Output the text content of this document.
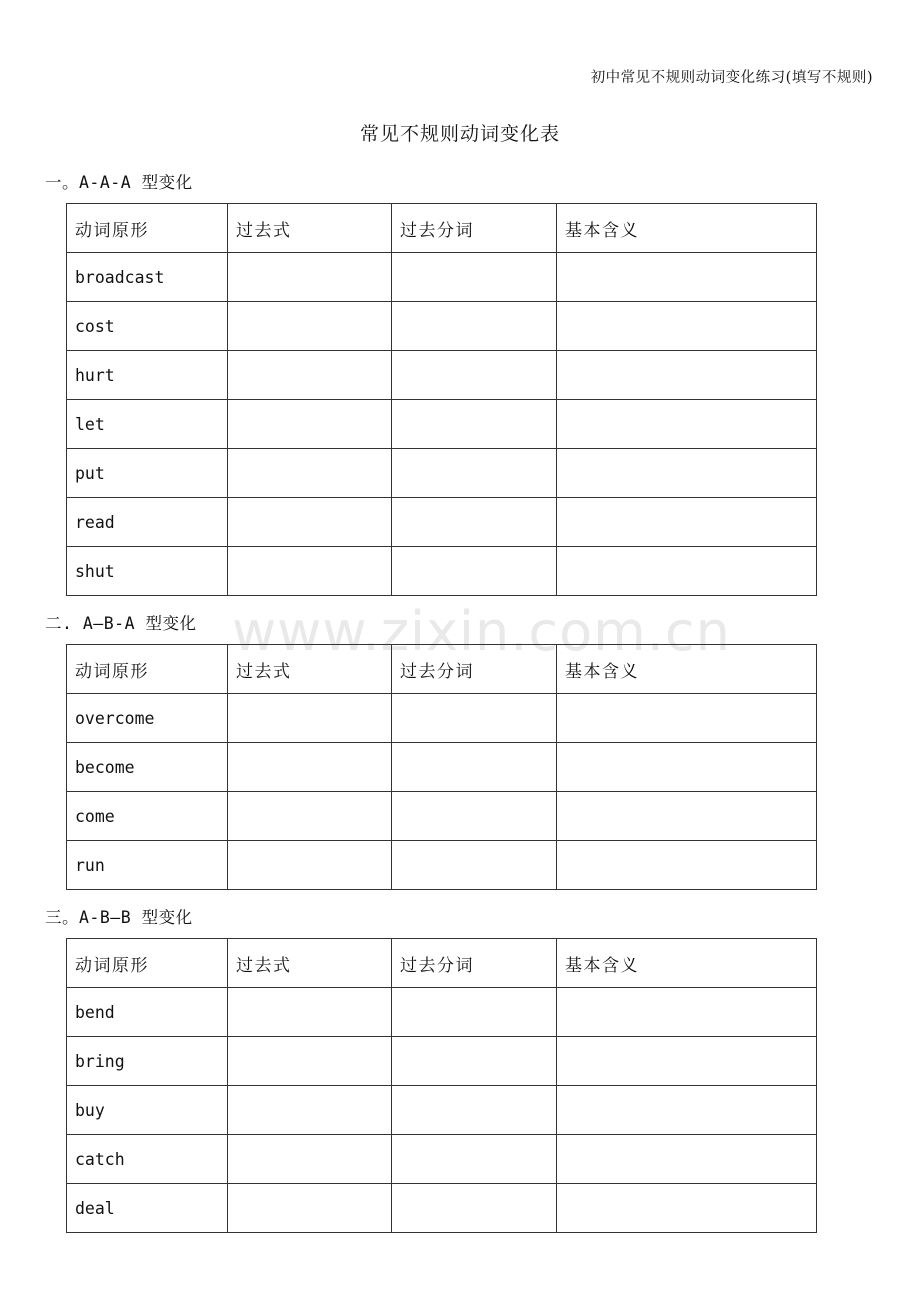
初中常见不规则动词变化练习(填写不规则)
常见不规则动词变化表
www.zixin.com.cn
一。A-A-A 型变化
动词原形	过去式	过去分词	基本含义
broadcast			
cost			
hurt			
let			
put			
read			
shut			
二. A—B-A 型变化
动词原形	过去式	过去分词	基本含义
overcome			
become			
come			
run			
三。A-B—B 型变化
动词原形	过去式	过去分词	基本含义
bend			
bring			
buy			
catch			
deal			
